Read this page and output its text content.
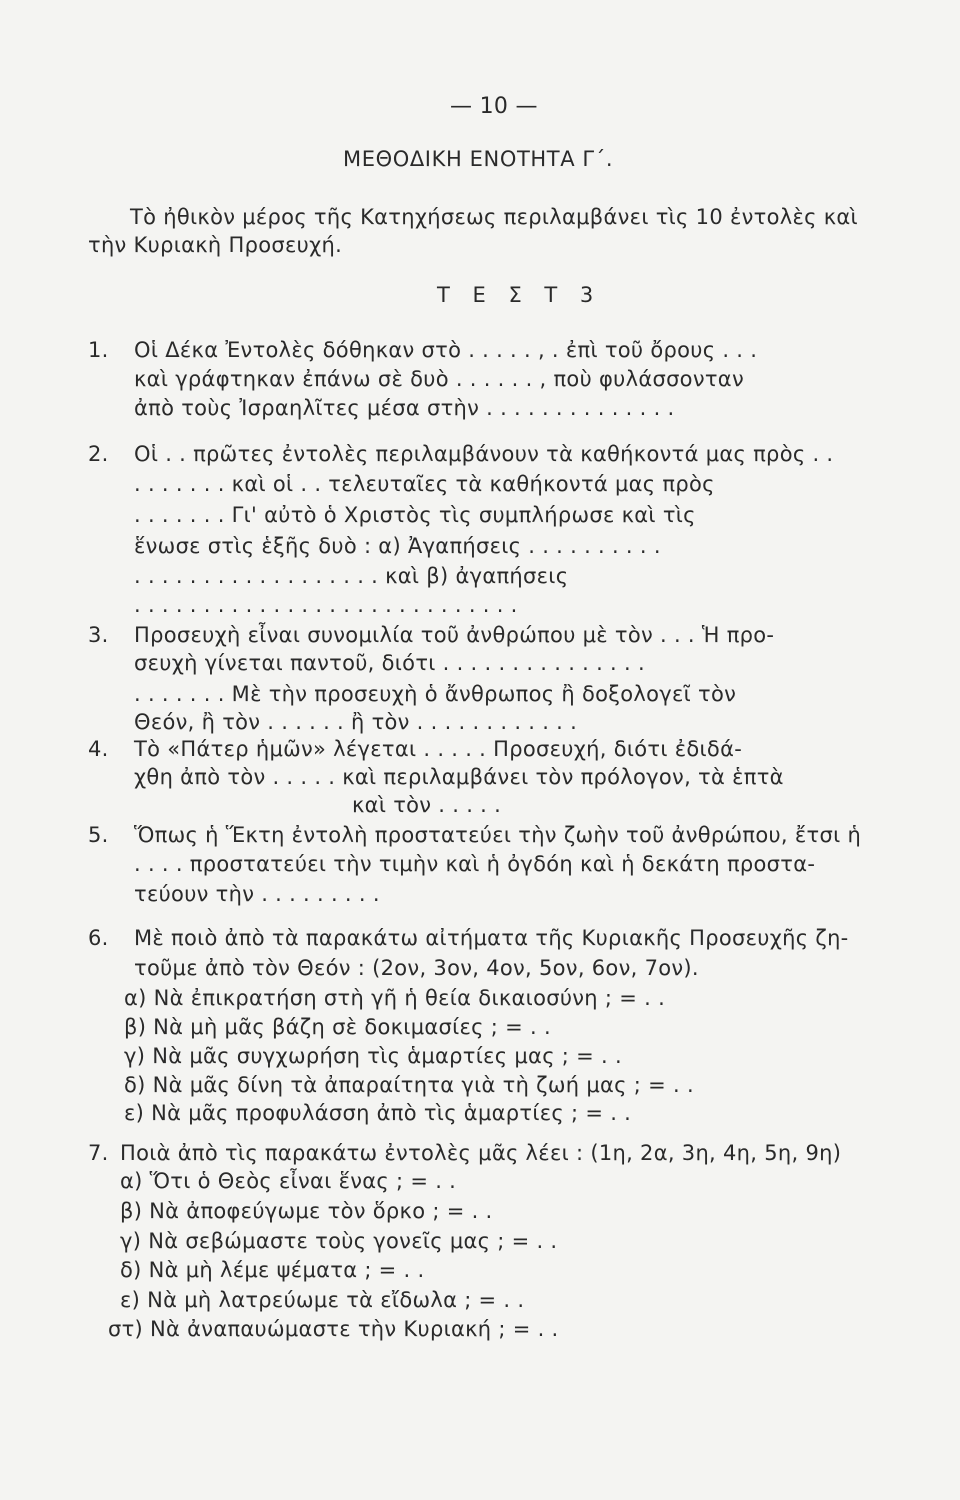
— 10 —
ΜΕΘΟΔΙΚΗ ΕΝΟΤΗΤΑ Γ΄.
Τὸ ἠθικὸν μέρος τῆς Κατηχήσεως περιλαμβάνει τὶς 10 ἐντολὲς καὶ
τὴν Κυριακὴ Προσευχή.
Τ Ε Σ Τ 3
1. Οἱ Δέκα Ἐντολὲς δόθηκαν στὸ . . . . . , . ἐπὶ τοῦ ὄρους . . .
καὶ γράφτηκαν ἐπάνω σὲ δυὸ . . . . . . , ποὺ φυλάσσονταν
ἀπὸ τοὺς Ἰσραηλῖτες μέσα στὴν . . . . . . . . . . . . . .
2. Οἱ . . πρῶτες ἐντολὲς περιλαμβάνουν τὰ καθήκοντά μας πρὸς . .
. . . . . . . καὶ οἱ . . τελευταῖες τὰ καθήκοντά μας πρὸς
. . . . . . . Γι' αὐτὸ ὁ Χριστὸς τὶς συμπλήρωσε καὶ τὶς
ἕνωσε στὶς ἑξῆς δυὸ : α) Ἀγαπήσεις . . . . . . . . . .
. . . . . . . . . . . . . . . . . . καὶ β) ἀγαπήσεις
. . . . . . . . . . . . . . . . . . . . . . . . . . . .
3. Προσευχὴ εἶναι συνομιλία τοῦ ἀνθρώπου μὲ τὸν . . . Ἡ προ-
σευχὴ γίνεται παντοῦ, διότι . . . . . . . . . . . . . . .
. . . . . . . Μὲ τὴν προσευχὴ ὁ ἄνθρωπος ἢ δοξολογεῖ τὸν
Θεόν, ἢ τὸν . . . . . . ἢ τὸν . . . . . . . . . . . .
4. Τὸ «Πάτερ ἡμῶν» λέγεται . . . . . Προσευχή, διότι ἐδιδά-
χθη ἀπὸ τὸν . . . . . καὶ περιλαμβάνει τὸν πρόλογον, τὰ ἑπτὰ
καὶ τὸν . . . . .
5. Ὅπως ἡ Ἕκτη ἐντολὴ προστατεύει τὴν ζωὴν τοῦ ἀνθρώπου, ἔτσι ἡ
. . . . προστατεύει τὴν τιμὴν καὶ ἡ ὀγδόη καὶ ἡ δεκάτη προστα-
τεύουν τὴν . . . . . . . . .
6. Μὲ ποιὸ ἀπὸ τὰ παρακάτω αἰτήματα τῆς Κυριακῆς Προσευχῆς ζη-
τοῦμε ἀπὸ τὸν Θεόν : (2ον, 3ον, 4ον, 5ον, 6ον, 7ον).
α) Νὰ ἐπικρατήση στὴ γῆ ἡ θεία δικαιοσύνη ; = . .
β) Νὰ μὴ μᾶς βάζη σὲ δοκιμασίες ; = . .
γ) Νὰ μᾶς συγχωρήση τὶς ἁμαρτίες μας ; = . .
δ) Νὰ μᾶς δίνη τὰ ἀπαραίτητα γιὰ τὴ ζωή μας ; = . .
ε) Νὰ μᾶς προφυλάσση ἀπὸ τὶς ἁμαρτίες ; = . .
7. Ποιὰ ἀπὸ τὶς παρακάτω ἐντολὲς μᾶς λέει : (1η, 2α, 3η, 4η, 5η, 9η)
α) Ὅτι ὁ Θεὸς εἶναι ἕνας ; = . .
β) Νὰ ἀποφεύγωμε τὸν ὅρκο ; = . .
γ) Νὰ σεβώμαστε τοὺς γονεῖς μας ; = . .
δ) Νὰ μὴ λέμε ψέματα ; = . .
ε) Νὰ μὴ λατρεύωμε τὰ εἴδωλα ; = . .
στ) Νὰ ἀναπαυώμαστε τὴν Κυριακή ; = . .
